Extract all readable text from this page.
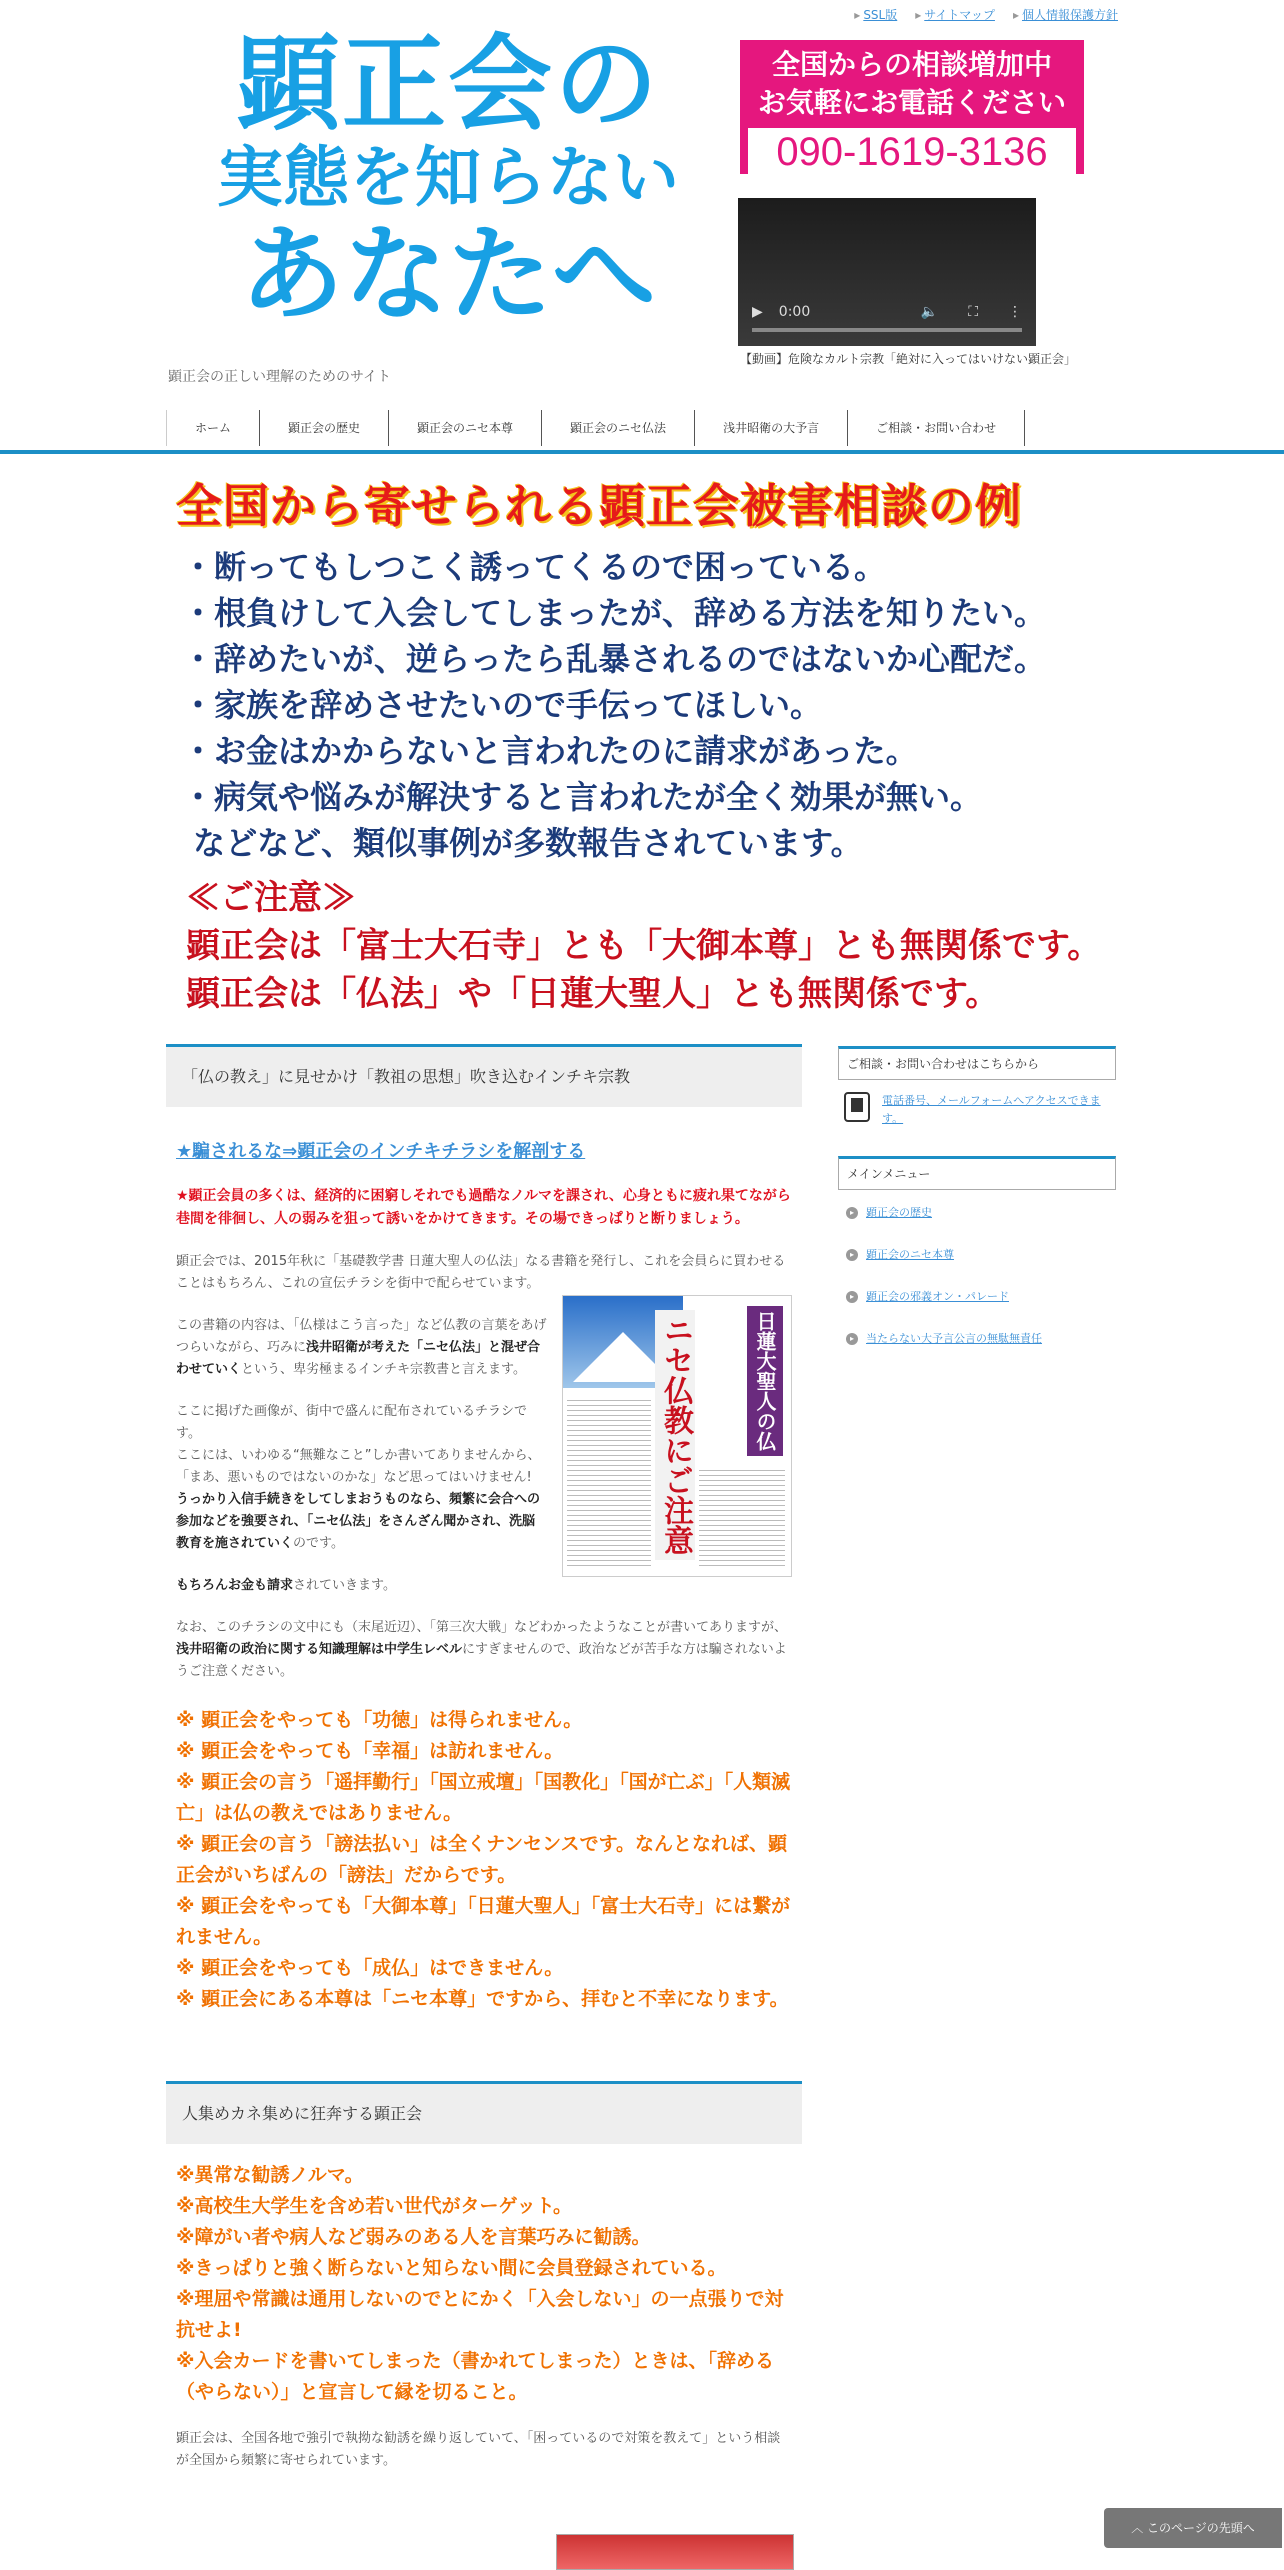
▸ SSL版	▸ サイトマップ	▸ 個人情報保護方針
顕正会の
実態を知らない
あなたへ
顕正会の正しい理解のためのサイト
全国からの相談増加中
お気軽にお電話ください
090-1619-3136
▶ 0:00	🔈 ⛶ ⋮
【動画】危険なカルト宗教「絶対に入ってはいけない顕正会」
ホーム	顕正会の歴史	顕正会のニセ本尊	顕正会のニセ仏法	浅井昭衛の大予言	ご相談・お問い合わせ
全国から寄せられる顕正会被害相談の例
・断ってもしつこく誘ってくるので困っている。
・根負けして入会してしまったが、辞める方法を知りたい。
・辞めたいが、逆らったら乱暴されるのではないか心配だ。
・家族を辞めさせたいので手伝ってほしい。
・お金はかからないと言われたのに請求があった。
・病気や悩みが解決すると言われたが全く効果が無い。
などなど、類似事例が多数報告されています。
≪ご注意≫
顕正会は「富士大石寺」とも「大御本尊」とも無関係です。
顕正会は「仏法」や「日蓮大聖人」とも無関係です。
「仏の教え」に見せかけ「教祖の思想」吹き込むインチキ宗教
★騙されるな⇒顕正会のインチキチラシを解剖する
★顕正会員の多くは、経済的に困窮しそれでも過酷なノルマを課され、心身ともに疲れ果てながら巷間を徘徊し、人の弱みを狙って誘いをかけてきます。その場できっぱりと断りましょう。
顕正会では、2015年秋に「基礎教学書 日蓮大聖人の仏法」なる書籍を発行し、これを会員らに買わせることはもちろん、これの宣伝チラシを街中で配らせています。
ニセ仏教にご注意	日蓮大聖人の仏法
この書籍の内容は、「仏様はこう言った」など仏教の言葉をあげつらいながら、巧みに浅井昭衛が考えた「ニセ仏法」と混ぜ合わせていくという、卑劣極まるインチキ宗教書と言えます。
ここに掲げた画像が、街中で盛んに配布されているチラシです。
ここには、いわゆる“無難なこと”しか書いてありませんから、「まあ、悪いものではないのかな」など思ってはいけません!
うっかり入信手続きをしてしまおうものなら、頻繁に会合への参加などを強要され、「ニセ仏法」をさんざん聞かされ、洗脳教育を施されていくのです。
もちろんお金も請求されていきます。
なお、このチラシの文中にも（末尾近辺）、「第三次大戦」などわかったようなことが書いてありますが、浅井昭衛の政治に関する知識理解は中学生レベルにすぎませんので、政治などが苦手な方は騙されないようご注意ください。
※ 顕正会をやっても「功徳」は得られません。
※ 顕正会をやっても「幸福」は訪れません。
※ 顕正会の言う「遥拝勤行」「国立戒壇」「国教化」「国が亡ぶ」「人類滅亡」は仏の教えではありません。
※ 顕正会の言う「謗法払い」は全くナンセンスです。なんとなれば、顕正会がいちばんの「謗法」だからです。
※ 顕正会をやっても「大御本尊」「日蓮大聖人」「富士大石寺」には繋がれません。
※ 顕正会をやっても「成仏」はできません。
※ 顕正会にある本尊は「ニセ本尊」ですから、拝むと不幸になります。
人集めカネ集めに狂奔する顕正会
※異常な勧誘ノルマ。
※高校生大学生を含め若い世代がターゲット。
※障がい者や病人など弱みのある人を言葉巧みに勧誘。
※きっぱりと強く断らないと知らない間に会員登録されている。
※理屈や常識は通用しないのでとにかく「入会しない」の一点張りで対抗せよ!
※入会カードを書いてしまった（書かれてしまった）ときは、「辞める（やらない）」と宣言して縁を切ること。
顕正会は、全国各地で強引で執拗な勧誘を繰り返していて、「困っているので対策を教えて」という相談が全国から頻繁に寄せられています。
ご相談・お問い合わせはこちらから
電話番号、メールフォームへアクセスできます。
メインメニュー
▸ 顕正会の歴史
▸ 顕正会のニセ本尊
▸ 顕正会の邪義オン・パレード
▸ 当たらない大予言公言の無駄無責任
︿ このページの先頭へ
